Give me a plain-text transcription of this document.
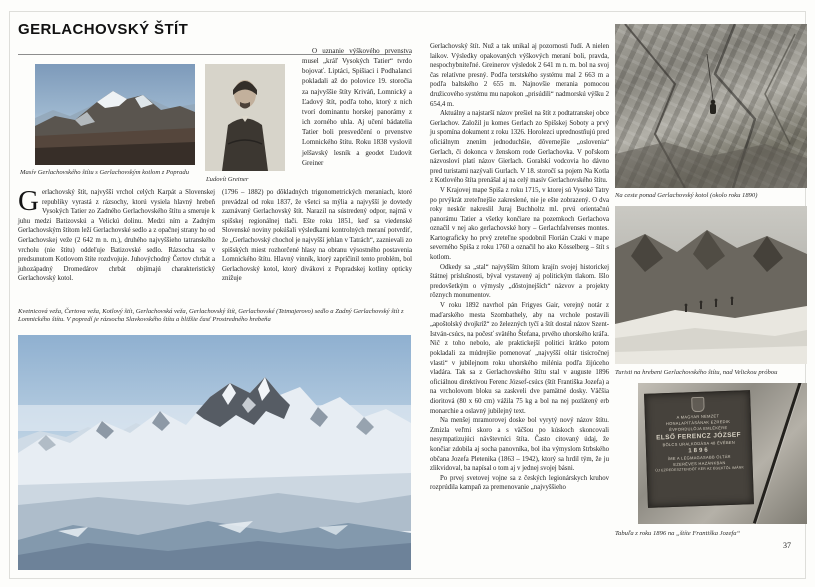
GERLACHOVSKÝ ŠTÍT
Masív Gerlachovského štítu s Gerlachovským kotlom z Popradu
Ľudovít Greiner

O uznanie výškového prvenstva musel „kráľ Vysokých Tatier“ tvrdo bojovať. Liptáci, Spišiaci i Podhalanci pokladali až do polovice 19. storočia za najvyššie štíty Kriváň, Lomnický a Ľadový štít, podľa toho, ktorý z nich tvorí dominantu horskej panorámy z ich zorného uhla. Aj učení bádatelia Tatier boli presvedčení o prvenstve Lomnického štítu. Roku 1838 vyslovil jelšavský lesník a geodet Ľudovít Greiner

Gerlachovský štít, najvyšší vrchol celých Karpát a Slovenskej republiky vyrastá z rázsochy, ktorú vysiela hlavný hrebeň Vysokých Tatier zo Zadného Gerlachovského štítu a smeruje k juhu medzi Batizovskú a Velickú dolinu. Medzi ním a Zadným Gerlachovským štítom leží Gerlachovské sedlo a z opačnej strany ho od Gerlachovskej veže (2 642 m n. m.), druhého najvyššieho tatranského vrcholu (nie štítu) oddeľuje Batizovské sedlo. Rázsocha sa v predsunutom Kotlovom štíte rozdvojuje. Juhovýchodný Čertov chrbát a juhozápadný Dromedárov chrbát objímajú charakteristický Gerlachovský kotol.

(1796 – 1882) po dôkladných trigonometrických meraniach, ktoré prevádzal od roku 1837, že všetci sa mýlia a najvyšší je dovtedy zaznávaný Gerlachovský štít. Narazil na sústredený odpor, najmä v spišskej regionálnej tlači. Ešte roku 1851, keď sa viedenské Slovenské noviny pokúšali výsledkami kontrolných meraní potvrdiť, že „Gerlachovský chochol je najvyšší jehlan v Tatrách“, zaznievali zo spišských miest rozhorčené hlasy na obranu výsostného postavenia Lomnického štítu. Hlavný vinník, ktorý zapríčinil tento problém, bol Gerlachovský kotol, ktorý divákovi z Popradskej kotliny opticky znižuje

Kvetnicová veža, Čertova veža, Kotlový štít, Gerlachovská veža, Gerlachovský štít, Gerlachovské (Tetmajerovo) sedlo a Zadný Gerlachovský štít z Lomnického štítu. V popredí je rázsocha Slavkovského štítu a bližšie časť Prostredného hrebeňa

Gerlachovský štít. Nuž a tak unikal aj pozornosti ľudí. A nielen laikov. Výsledky opakovaných výškových meraní boli, pravda, nespochybniteľné. Greinerov výsledok 2 641 m n. m. bol na svoj čas relatívne presný. Podľa terstského systému mal 2 663 m a podľa baltského 2 655 m. Najnovšie merania pomocou družicového systému mu napokon „prisúdili“ nadmorskú výšku 2 654,4 m.

Aktuálny a najstarší názov prešiel na štít z podtatranskej obce Gerlachov. Založil ju komes Gerlach zo Spišskej Soboty a prvý ju spomína dokument z roku 1326. Horolezci uprednostňujú pred oficiálnym znením jednoduchšie, dôvernejšie „oslovenia“ Gerlach, či dokonca v ženskom rode Gerlachovka. V poľskom názvosloví platí názov Gierlach. Goralskí vodcovia ho dávno pred turistami nazývali Gurlach. V 18. storočí sa pojem Na Kotla z Kotlového štíta prenášal aj na celý masív Gerlachovského štítu.

V Krajovej mape Spiša z roku 1715, v ktorej sú Vysoké Tatry po prvýkrát zreteľnejšie zakreslené, nie je ešte zobrazený. O dva roky neskôr nakreslil Juraj Buchholtz ml. prvú orientačnú panorámu Tatier a všetky končiare na pozemkoch Gerlachova označil v nej ako gerlachovské hory – Gerlachfalvenses montes. Kartograficky ho prvý zreteľne spodobnil Florián Czaki v mape severného Spiša z roku 1760 a označil ho ako Kösselberg – štít s kotlom.

Odkedy sa „stal“ najvyšším štítom krajín svojej historickej štátnej príslušnosti, býval vystavený aj politickým tlakom. Išlo predovšetkým o výmysly „dôstojnejších“ názvov a projekty rôznych monumentov.

V roku 1892 navrhol pán Frigyes Gair, verejný notár z maďarského mesta Szombathely, aby na vrchole postavili „apoštolský dvojkríž“ zo železných tyčí a štít dostal názov Szent-István-csúcs, na počesť svätého Štefana, prvého uhorského kráľa. Nič z toho nebolo, ale praktickejší politici krátko potom pokladali za múdrejšie pomenovať „najvyšší oltár tisícročnej vlasti“ v jubilejnom roku uhorského milénia podľa žijúceho vladára. Tak sa z Gerlachovského štítu stal v auguste 1896 oficiálnou direktívou Ferenc József-csúcs (štít Františka Jozefa) a na vrcholovom bloku sa zaskveli dve pamätné dosky. Väčšia dioritová (80 x 60 cm) vážila 75 kg a bol na nej pozlátený erb monarchie a oslavný jubilejný text.

Na menšej mramorovej doske bol vyrytý nový názov štítu. Zmizla veľmi skoro a s väčšou po kúskoch skoncovali nesympatizujúci návštevníci štíta. Často citovaný údaj, že končiar zdobila aj socha panovníka, bol iba výmyslom štrbského občana Jozefa Pletenika (1863 – 1942), ktorý sa hrdil tým, že ju zlikvidoval, ba napísal o tom aj v jednej svojej básni.

Po prvej svetovej vojne sa z českých legionárskych kruhov rozprúdila kampaň za premenovanie „najvyššieho

Na ceste ponad Gerlachovský kotol (okolo roku 1890)
Turisti na hrebeni Gerlachovského štítu, nad Velickou próbou
A MAGYAR NEMZET
HONALAPÍTÁSÁNAK EZREDIK
ÉVFORDULÓJA EMLÉKÉRE
ELSŐ FERENCZ JÓZSEF
BÖLCS URALKODÁSA 48 ÉVÉBEN
1896
ÍME A LEGMAGASABB OLTÁR
EZERÉVES HAZÁNKBAN
ÚJ EZREDESZTENDŐT KÉR AZ ÉGEKTŐL IMÁNK
Tabuľa z roku 1896 na „štíte Františka Jozefa“
37
